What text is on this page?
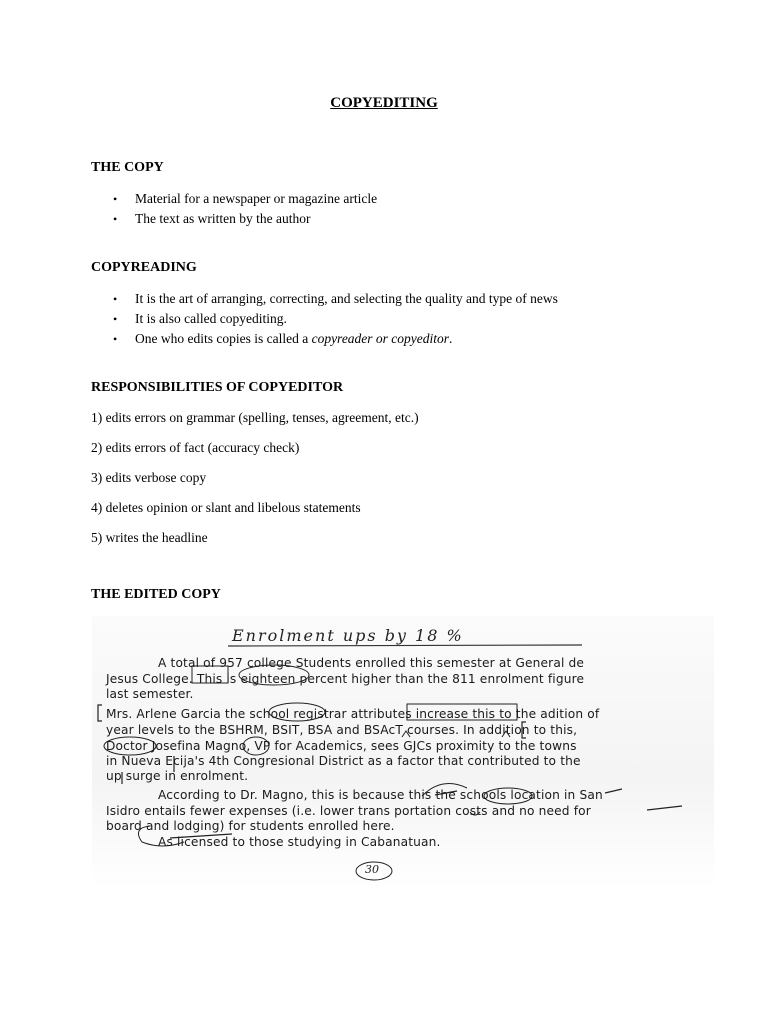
COPYEDITING
THE COPY
• Material for a newspaper or magazine article
• The text as written by the author
COPYREADING
• It is the art of arranging, correcting, and selecting the quality and type of news
• It is also called copyediting.
• One who edits copies is called a copyreader or copyeditor.
RESPONSIBILITIES OF COPYEDITOR
1) edits errors on grammar (spelling, tenses, agreement, etc.)
2) edits errors of fact (accuracy check)
3) edits verbose copy
4) deletes opinion or slant and libelous statements
5) writes the headline
THE EDITED COPY
Enrolment ups by 18 %
A total of 957 college Students enrolled this semester at General de
Jesus College. This is eighteen percent higher than the 811 enrolment figure
last semester.
Mrs. Arlene Garcia the school registrar attributes increase this to the adition of
year levels to the BSHRM, BSIT, BSA and BSAcT courses. In addition to this,
Doctor Josefina Magno, VP for Academics, sees GJCs proximity to the towns
in Nueva Ecija's 4th Congresional District as a factor that contributed to the
up surge in enrolment.
According to Dr. Magno, this is because this the schools location in San
Isidro entails fewer expenses (i.e. lower trans portation costs and no need for
board and lodging) for students enrolled here.
As licensed to those studying in Cabanatuan.
30
